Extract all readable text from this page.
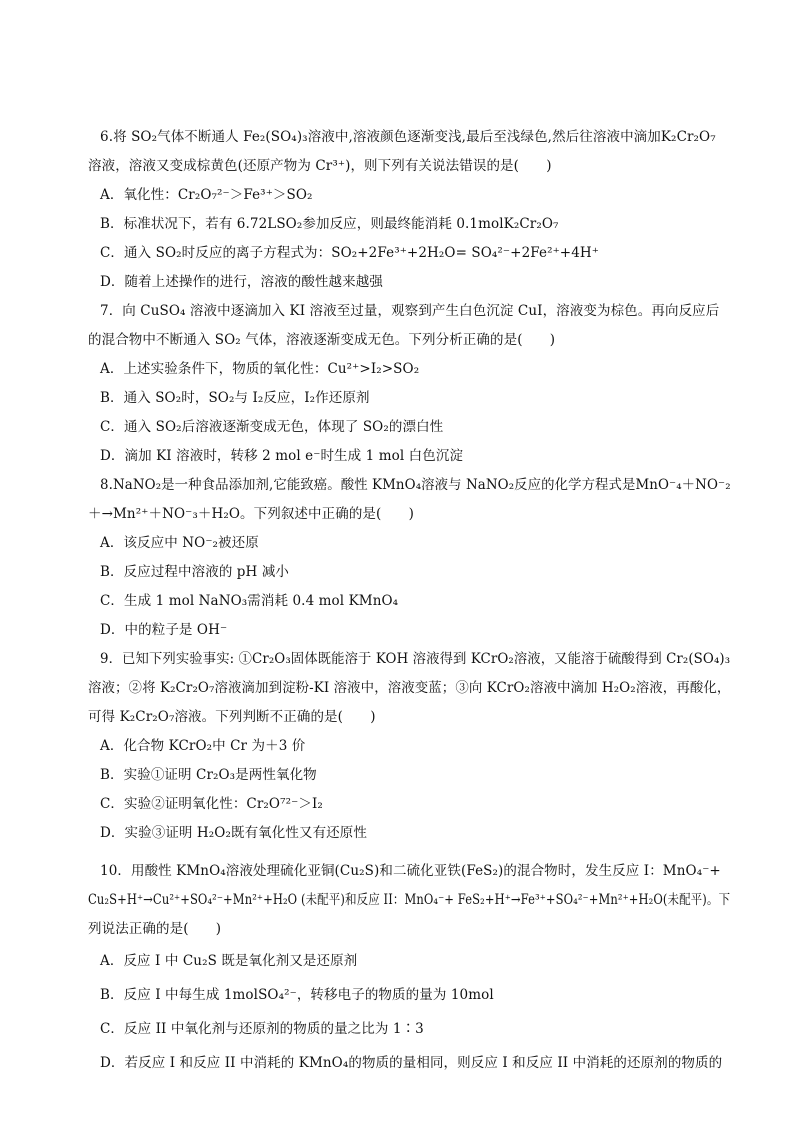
6.将 SO₂气体不断通人 Fe₂(SO₄)₃溶液中,溶液颜色逐渐变浅,最后至浅绿色,然后往溶液中滴加K₂Cr₂O₇
溶液，溶液又变成棕黄色(还原产物为 Cr³⁺)，则下列有关说法错误的是(　　)
A．氧化性：Cr₂O₇²⁻＞Fe³⁺＞SO₂
B．标准状况下，若有 6.72LSO₂参加反应，则最终能消耗 0.1molK₂Cr₂O₇
C．通入 SO₂时反应的离子方程式为：SO₂+2Fe³⁺+2H₂O= SO₄²⁻+2Fe²⁺+4H⁺
D．随着上述操作的进行，溶液的酸性越来越强
7．向 CuSO₄ 溶液中逐滴加入 KI 溶液至过量，观察到产生白色沉淀 CuI，溶液变为棕色。再向反应后
的混合物中不断通入 SO₂ 气体，溶液逐渐变成无色。下列分析正确的是(　　)
A．上述实验条件下，物质的氧化性：Cu²⁺>I₂>SO₂
B．通入 SO₂时，SO₂与 I₂反应，I₂作还原剂
C．通入 SO₂后溶液逐渐变成无色，体现了 SO₂的漂白性
D．滴加 KI 溶液时，转移 2 mol e⁻时生成 1 mol 白色沉淀
8.NaNO₂是一种食品添加剂,它能致癌。酸性 KMnO₄溶液与 NaNO₂反应的化学方程式是MnO⁻₄＋NO⁻₂
＋→Mn²⁺＋NO⁻₃＋H₂O。下列叙述中正确的是(　　)
A．该反应中 NO⁻₂被还原
B．反应过程中溶液的 pH 减小
C．生成 1 mol NaNO₃需消耗 0.4 mol KMnO₄
D．中的粒子是 OH⁻
9．已知下列实验事实: ①Cr₂O₃固体既能溶于 KOH 溶液得到 KCrO₂溶液，又能溶于硫酸得到 Cr₂(SO₄)₃
溶液；②将 K₂Cr₂O₇溶液滴加到淀粉-KI 溶液中，溶液变蓝；③向 KCrO₂溶液中滴加 H₂O₂溶液，再酸化，
可得 K₂Cr₂O₇溶液。下列判断不正确的是(　　)
A．化合物 KCrO₂中 Cr 为＋3 价
B．实验①证明 Cr₂O₃是两性氧化物
C．实验②证明氧化性：Cr₂O⁷²⁻＞I₂
D．实验③证明 H₂O₂既有氧化性又有还原性
10．用酸性 KMnO₄溶液处理硫化亚铜(Cu₂S)和二硫化亚铁(FeS₂)的混合物时，发生反应 I：MnO₄⁻+
Cu₂S+H⁺→Cu²⁺+SO₄²⁻+Mn²⁺+H₂O (未配平)和反应 II：MnO₄⁻+ FeS₂+H⁺→Fe³⁺+SO₄²⁻+Mn²⁺+H₂O(未配平)。下
列说法正确的是(　　)
A．反应 I 中 Cu₂S 既是氧化剂又是还原剂
B．反应 I 中每生成 1molSO₄²⁻，转移电子的物质的量为 10mol
C．反应 II 中氧化剂与还原剂的物质的量之比为 1∶3
D．若反应 I 和反应 II 中消耗的 KMnO₄的物质的量相同，则反应 I 和反应 II 中消耗的还原剂的物质的
